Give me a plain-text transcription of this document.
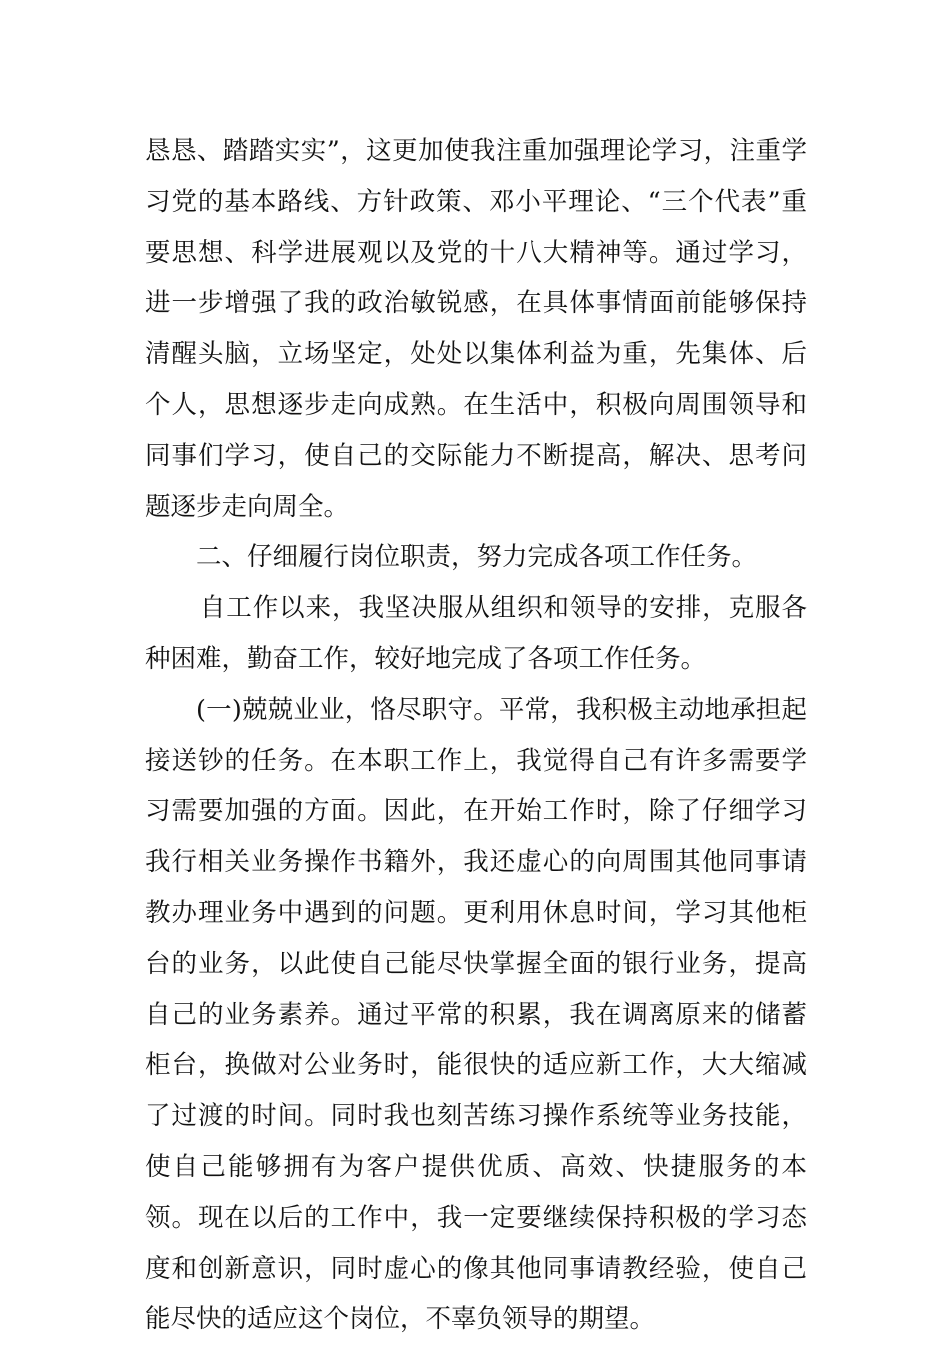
恳恳、踏踏实实”，这更加使我注重加强理论学习，注重学习党的基本路线、方针政策、邓小平理论、“三个代表”重要思想、科学进展观以及党的十八大精神等。通过学习，进一步增强了我的政治敏锐感，在具体事情面前能够保持清醒头脑，立场坚定，处处以集体利益为重，先集体、后个人，思想逐步走向成熟。在生活中，积极向周围领导和同事们学习，使自己的交际能力不断提高，解决、思考问题逐步走向周全。

二、仔细履行岗位职责，努力完成各项工作任务。

自工作以来，我坚决服从组织和领导的安排，克服各种困难，勤奋工作，较好地完成了各项工作任务。

(一)兢兢业业，恪尽职守。平常，我积极主动地承担起接送钞的任务。在本职工作上，我觉得自己有许多需要学习需要加强的方面。因此，在开始工作时，除了仔细学习我行相关业务操作书籍外，我还虚心的向周围其他同事请教办理业务中遇到的问题。更利用休息时间，学习其他柜台的业务，以此使自己能尽快掌握全面的银行业务，提高自己的业务素养。通过平常的积累，我在调离原来的储蓄柜台，换做对公业务时，能很快的适应新工作，大大缩减了过渡的时间。同时我也刻苦练习操作系统等业务技能，使自己能够拥有为客户提供优质、高效、快捷服务的本领。现在以后的工作中，我一定要继续保持积极的学习态度和创新意识，同时虚心的像其他同事请教经验，使自己能尽快的适应这个岗位，不辜负领导的期望。
